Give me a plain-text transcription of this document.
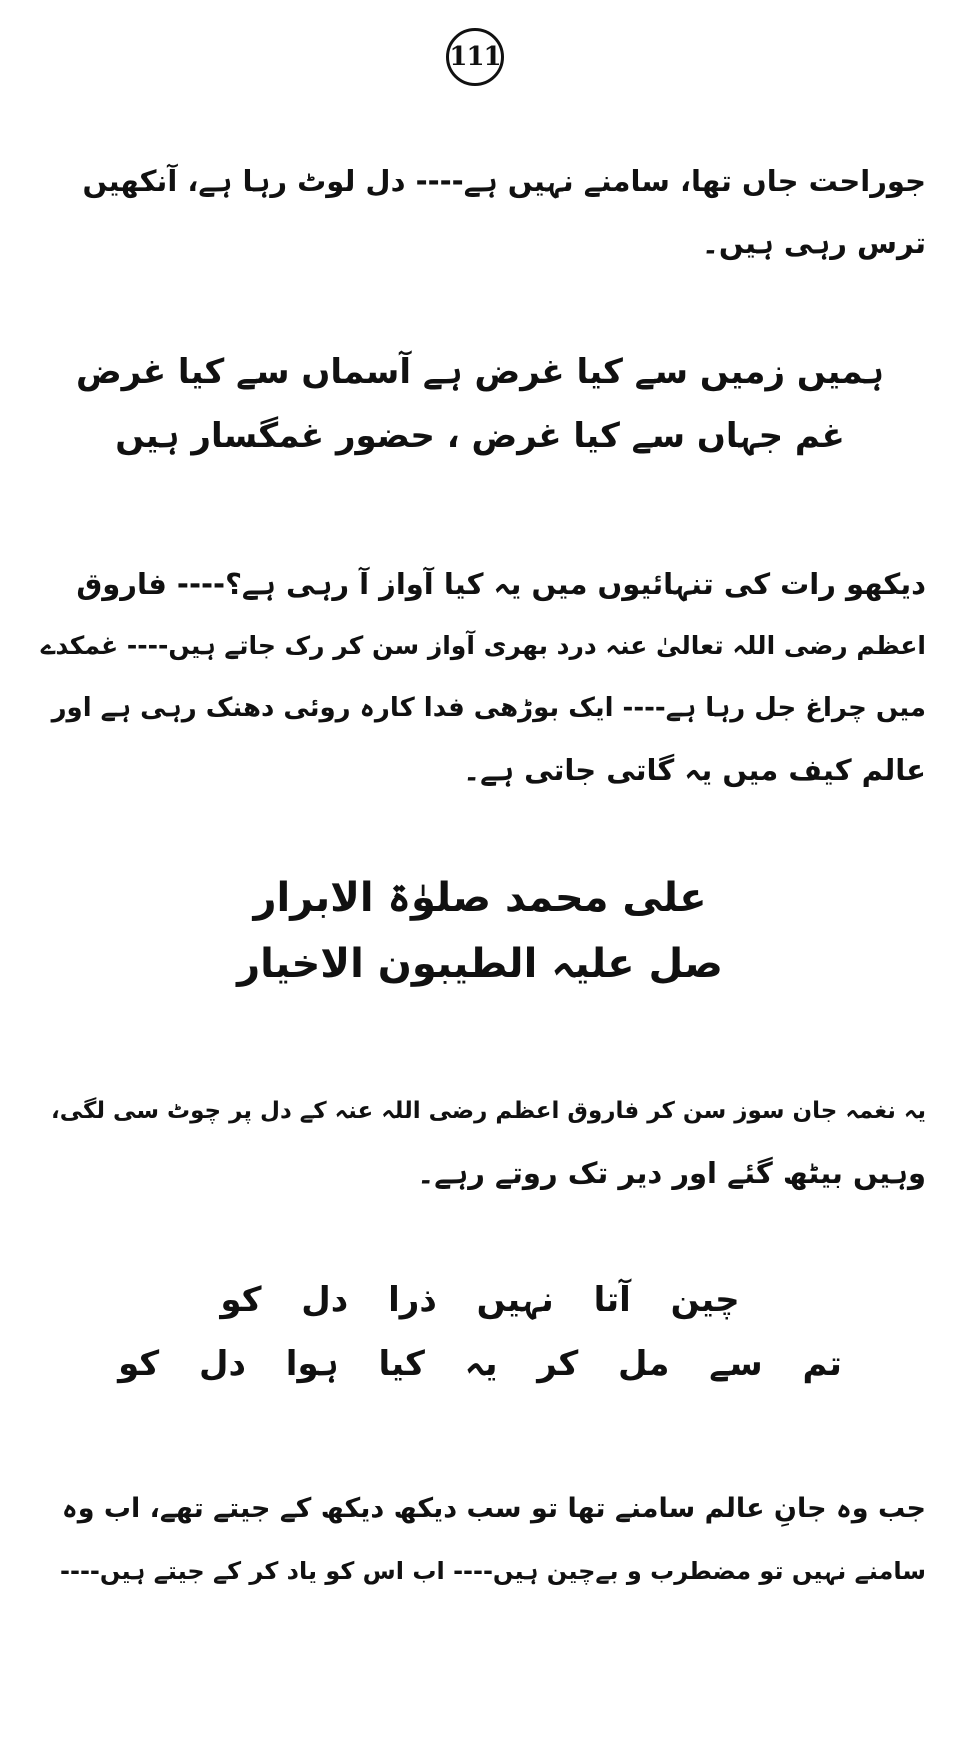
111
جوراحت جاں تھا، سامنے نہیں ہے---- دل لوٹ رہا ہے، آنکھیں
ترس رہی ہیں۔
ہمیں زمیں سے کیا غرض ہے آسماں سے کیا غرض
غم جہاں سے کیا غرض ، حضور غمگسار ہیں
دیکھو رات کی تنہائیوں میں یہ کیا آواز آ رہی ہے؟---- فاروق
اعظم رضی اللہ تعالیٰ عنہ درد بھری آواز سن کر رک جاتے ہیں---- غمکدے
میں چراغ جل رہا ہے---- ایک بوڑھی فدا کارہ روئی دھنک رہی ہے اور
عالم کیف میں یہ گاتی جاتی ہے۔
علی محمد صلوٰۃ الابرار
صل علیہ الطیبون الاخیار
یہ نغمہ جان سوز سن کر فاروق اعظم رضی اللہ عنہ کے دل پر چوٹ سی لگی،
وہیں بیٹھ گئے اور دیر تک روتے رہے۔
چین آتا نہیں ذرا دل کو
تم سے مل کر یہ کیا ہوا دل کو
جب وہ جانِ عالم سامنے تھا تو سب دیکھ دیکھ کے جیتے تھے، اب وہ
سامنے نہیں تو مضطرب و بےچین ہیں---- اب اس کو یاد کر کے جیتے ہیں----
